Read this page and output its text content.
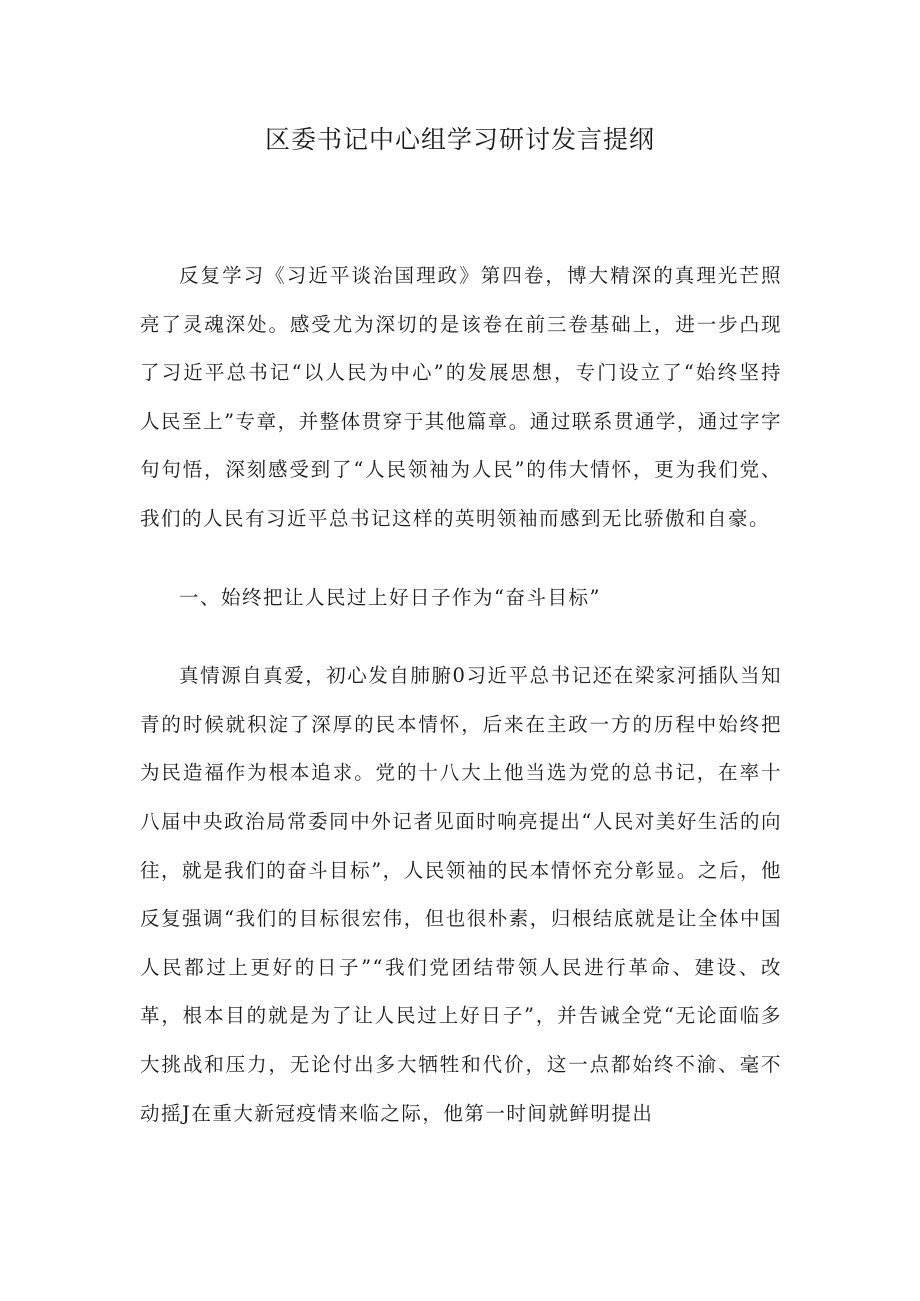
区委书记中心组学习研讨发言提纲

反复学习《习近平谈治国理政》第四卷，博大精深的真理光芒照亮了灵魂深处。感受尤为深切的是该卷在前三卷基础上，进一步凸现了习近平总书记“以人民为中心”的发展思想，专门设立了“始终坚持人民至上”专章，并整体贯穿于其他篇章。通过联系贯通学，通过字字句句悟，深刻感受到了“人民领袖为人民”的伟大情怀，更为我们党、我们的人民有习近平总书记这样的英明领袖而感到无比骄傲和自豪。

一、始终把让人民过上好日子作为“奋斗目标”

真情源自真爱，初心发自肺腑0习近平总书记还在梁家河插队当知青的时候就积淀了深厚的民本情怀，后来在主政一方的历程中始终把为民造福作为根本追求。党的十八大上他当选为党的总书记，在率十八届中央政治局常委同中外记者见面时响亮提出“人民对美好生活的向往，就是我们的奋斗目标”，人民领袖的民本情怀充分彰显。之后，他反复强调“我们的目标很宏伟，但也很朴素，归根结底就是让全体中国人民都过上更好的日子”“我们党团结带领人民进行革命、建设、改革，根本目的就是为了让人民过上好日子”，并告诫全党“无论面临多大挑战和压力，无论付出多大牺牲和代价，这一点都始终不渝、毫不动摇J在重大新冠疫情来临之际，他第一时间就鲜明提出
